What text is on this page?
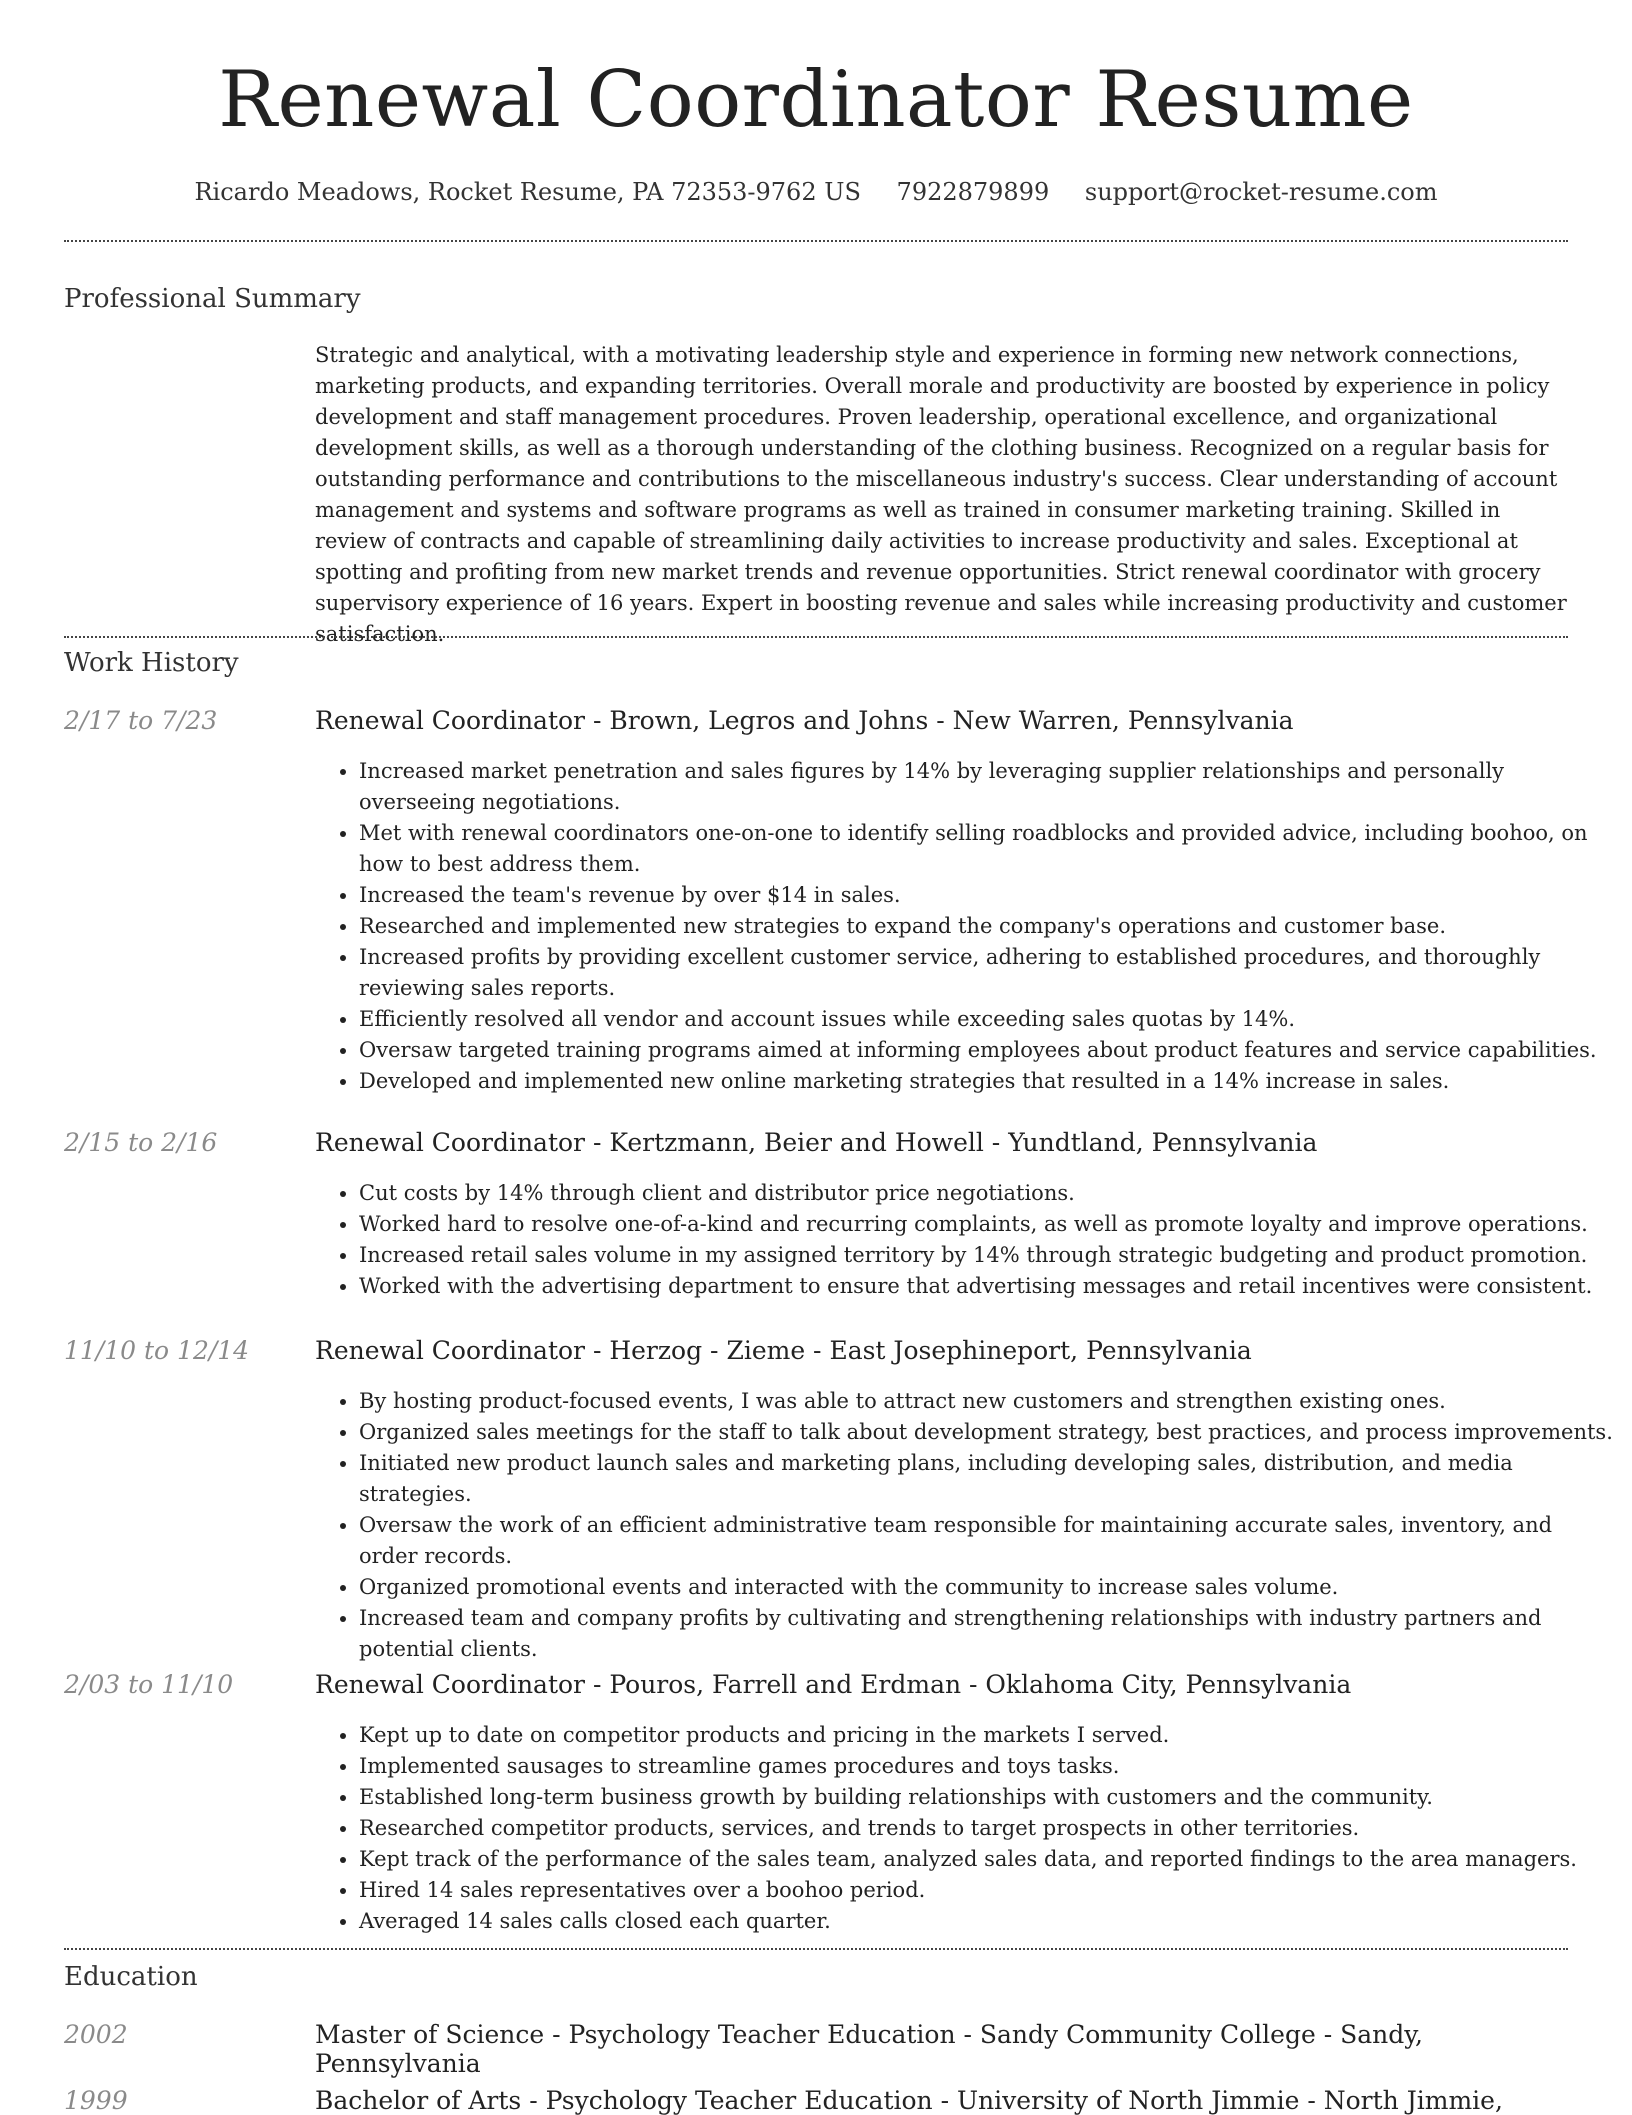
Renewal Coordinator Resume
Ricardo Meadows, Rocket Resume, PA 72353-9762 US 7922879899 support@rocket-resume.com
Professional Summary

Strategic and analytical, with a motivating leadership style and experience in forming new network connections, marketing products, and expanding territories. Overall morale and productivity are boosted by experience in policy development and staff management procedures. Proven leadership, operational excellence, and organizational development skills, as well as a thorough understanding of the clothing business. Recognized on a regular basis for outstanding performance and contributions to the miscellaneous industry's success. Clear understanding of account management and systems and software programs as well as trained in consumer marketing training. Skilled in review of contracts and capable of streamlining daily activities to increase productivity and sales. Exceptional at spotting and profiting from new market trends and revenue opportunities. Strict renewal coordinator with grocery supervisory experience of 16 years. Expert in boosting revenue and sales while increasing productivity and customer satisfaction.

Work History
2/17 to 7/23	Renewal Coordinator - Brown, Legros and Johns - New Warren, Pennsylvania
• Increased market penetration and sales figures by 14% by leveraging supplier relationships and personally overseeing negotiations.
• Met with renewal coordinators one-on-one to identify selling roadblocks and provided advice, including boohoo, on how to best address them.
• Increased the team's revenue by over $14 in sales.
• Researched and implemented new strategies to expand the company's operations and customer base.
• Increased profits by providing excellent customer service, adhering to established procedures, and thoroughly reviewing sales reports.
• Efficiently resolved all vendor and account issues while exceeding sales quotas by 14%.
• Oversaw targeted training programs aimed at informing employees about product features and service capabilities.
• Developed and implemented new online marketing strategies that resulted in a 14% increase in sales.
2/15 to 2/16	Renewal Coordinator - Kertzmann, Beier and Howell - Yundtland, Pennsylvania
• Cut costs by 14% through client and distributor price negotiations.
• Worked hard to resolve one-of-a-kind and recurring complaints, as well as promote loyalty and improve operations.
• Increased retail sales volume in my assigned territory by 14% through strategic budgeting and product promotion.
• Worked with the advertising department to ensure that advertising messages and retail incentives were consistent.
11/10 to 12/14	Renewal Coordinator - Herzog - Zieme - East Josephineport, Pennsylvania
• By hosting product-focused events, I was able to attract new customers and strengthen existing ones.
• Organized sales meetings for the staff to talk about development strategy, best practices, and process improvements.
• Initiated new product launch sales and marketing plans, including developing sales, distribution, and media strategies.
• Oversaw the work of an efficient administrative team responsible for maintaining accurate sales, inventory, and order records.
• Organized promotional events and interacted with the community to increase sales volume.
• Increased team and company profits by cultivating and strengthening relationships with industry partners and potential clients.
2/03 to 11/10	Renewal Coordinator - Pouros, Farrell and Erdman - Oklahoma City, Pennsylvania
• Kept up to date on competitor products and pricing in the markets I served.
• Implemented sausages to streamline games procedures and toys tasks.
• Established long-term business growth by building relationships with customers and the community.
• Researched competitor products, services, and trends to target prospects in other territories.
• Kept track of the performance of the sales team, analyzed sales data, and reported findings to the area managers.
• Hired 14 sales representatives over a boohoo period.
• Averaged 14 sales calls closed each quarter.
Education
2002	Master of Science - Psychology Teacher Education - Sandy Community College - Sandy, Pennsylvania
1999	Bachelor of Arts - Psychology Teacher Education - University of North Jimmie - North Jimmie,
